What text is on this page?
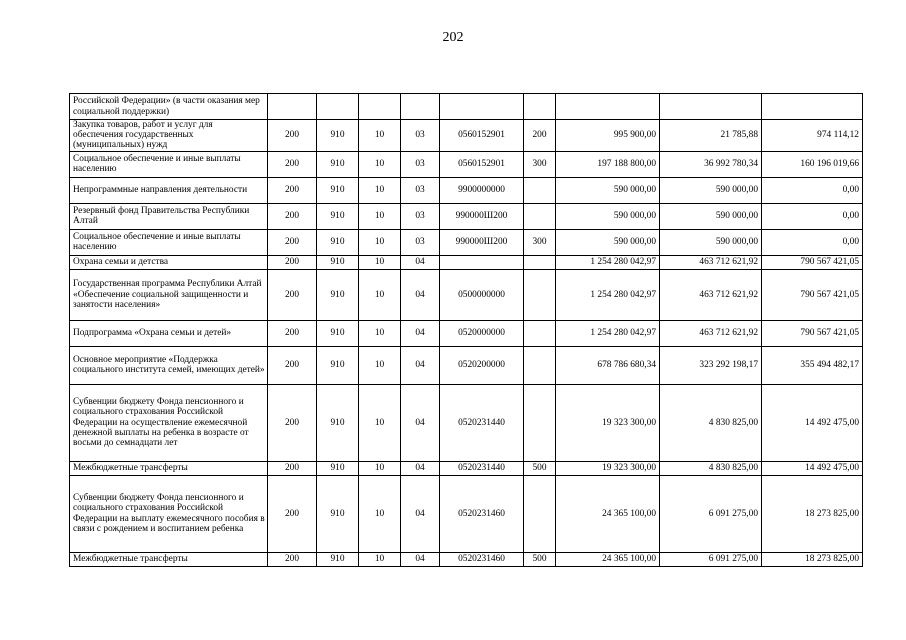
202
Российской Федерации» (в части оказания мер социальной поддержки)									
Закупка товаров, работ и услуг для обеспечения государственных (муниципальных) нужд	200	910	10	03	0560152901	200	995 900,00	21 785,88	974 114,12
Социальное обеспечение и иные выплаты населению	200	910	10	03	0560152901	300	197 188 800,00	36 992 780,34	160 196 019,66
Непрограммные направления деятельности	200	910	10	03	9900000000		590 000,00	590 000,00	0,00
Резервный фонд Правительства Республики Алтай	200	910	10	03	990000Ш200		590 000,00	590 000,00	0,00
Социальное обеспечение и иные выплаты населению	200	910	10	03	990000Ш200	300	590 000,00	590 000,00	0,00
Охрана семьи и детства	200	910	10	04			1 254 280 042,97	463 712 621,92	790 567 421,05
Государственная программа Республики Алтай «Обеспечение социальной защищенности и занятости населения»	200	910	10	04	0500000000		1 254 280 042,97	463 712 621,92	790 567 421,05
Подпрограмма «Охрана семьи и детей»	200	910	10	04	0520000000		1 254 280 042,97	463 712 621,92	790 567 421,05
Основное мероприятие «Поддержка социального института семей, имеющих детей»	200	910	10	04	0520200000		678 786 680,34	323 292 198,17	355 494 482,17
Субвенции бюджету Фонда пенсионного и социального страхования Российской Федерации на осуществление ежемесячной денежной выплаты на ребенка в возрасте от восьми до семнадцати лет	200	910	10	04	0520231440		19 323 300,00	4 830 825,00	14 492 475,00
Межбюджетные трансферты	200	910	10	04	0520231440	500	19 323 300,00	4 830 825,00	14 492 475,00
Субвенции бюджету Фонда пенсионного и социального страхования Российской Федерации на выплату ежемесячного пособия в связи с рождением и воспитанием ребенка	200	910	10	04	0520231460		24 365 100,00	6 091 275,00	18 273 825,00
Межбюджетные трансферты	200	910	10	04	0520231460	500	24 365 100,00	6 091 275,00	18 273 825,00
